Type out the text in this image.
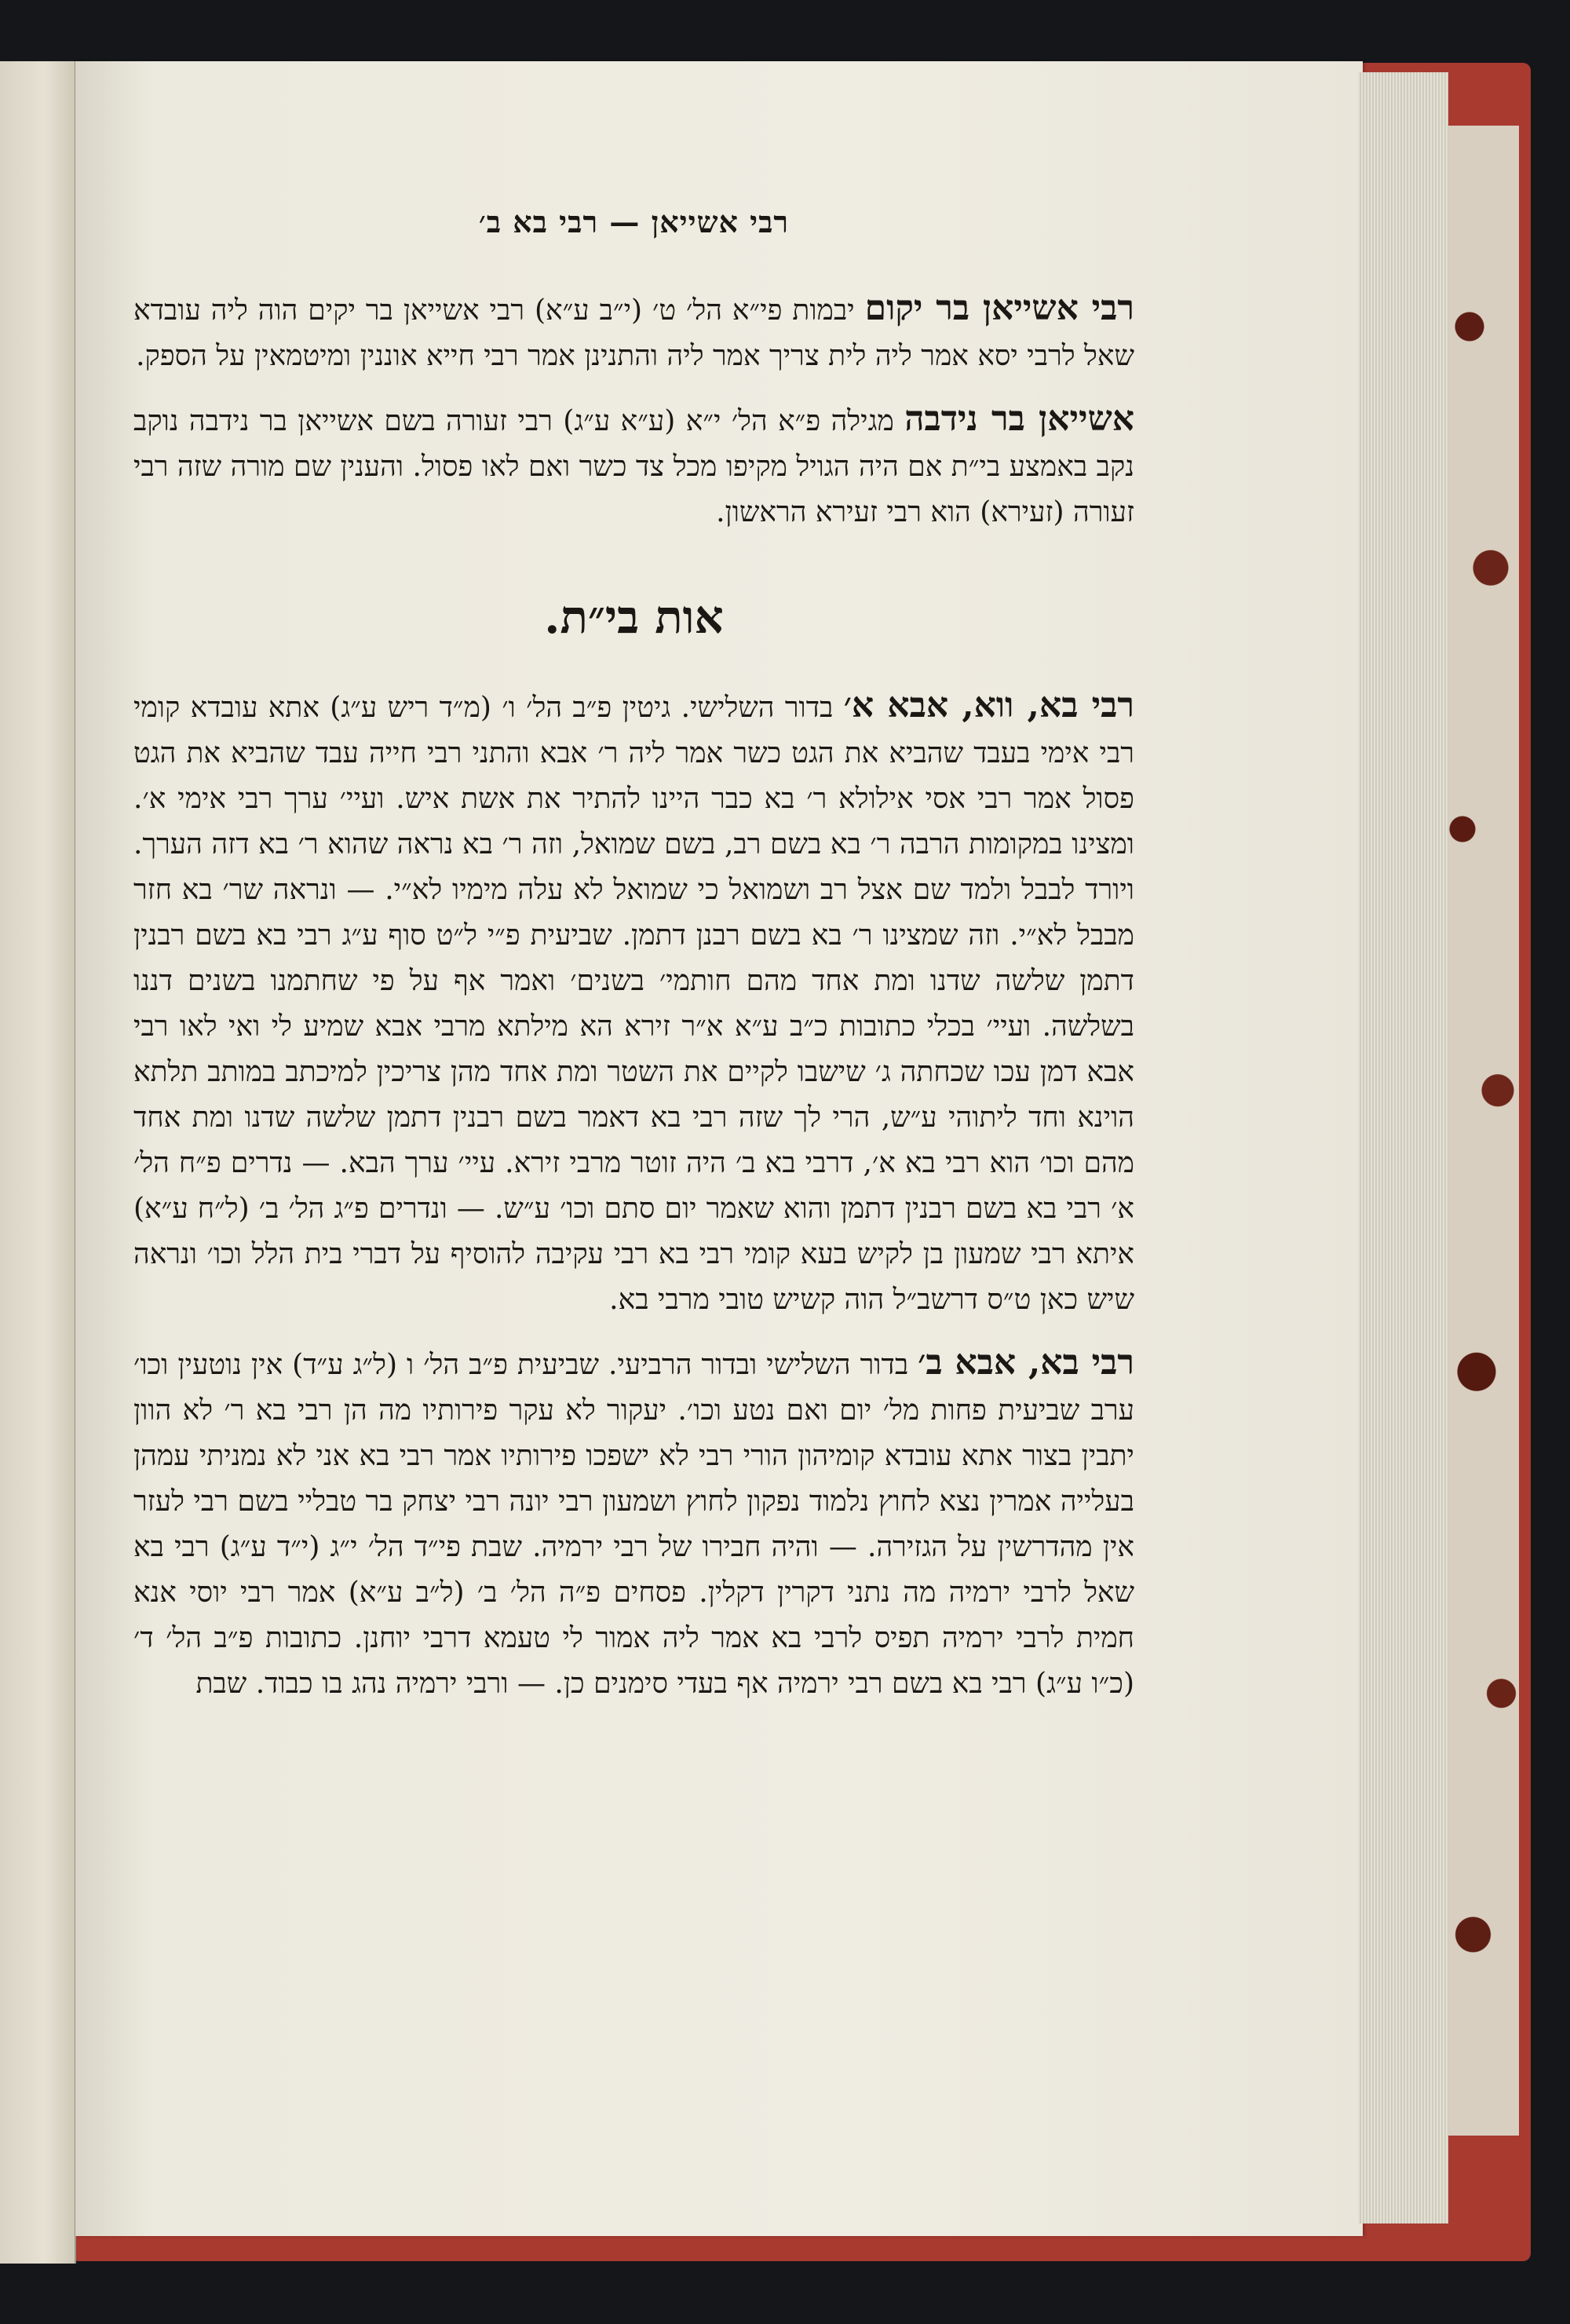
רבי אשייאן — רבי בא ב׳

רבי אשייאן בר יקום יבמות פי״א הל׳ ט׳ (י״ב ע״א) רבי אשייאן בר יקים הוה ליה עובדא שאל לרבי יסא אמר ליה לית צריך אמר ליה והתנינן אמר רבי חייא אוננין ומיטמאין על הספק.

אשייאן בר נידבה מגילה פ״א הל׳ י״א (ע״א ע״ג) רבי זעורה בשם אשייאן בר נידבה נוקב נקב באמצע בי״ת אם היה הגויל מקיפו מכל צד כשר ואם לאו פסול. והענין שם מורה שזה רבי זעורה (זעירא) הוא רבי זעירא הראשון.

אות בי״ת.

רבי בא, ווא, אבא א׳ בדור השלישי. גיטין פ״ב הל׳ ו׳ (מ״ד ריש ע״ג) אתא עובדא קומי רבי אימי בעבד שהביא את הגט כשר אמר ליה ר׳ אבא והתני רבי חייה עבד שהביא את הגט פסול אמר רבי אסי אילולא ר׳ בא כבר היינו להתיר את אשת איש. ועיי׳ ערך רבי אימי א׳. ומצינו במקומות הרבה ר׳ בא בשם רב, בשם שמואל, וזה ר׳ בא נראה שהוא ר׳ בא דזה הערך. ויורד לבבל ולמד שם אצל רב ושמואל כי שמואל לא עלה מימיו לא״י. — ונראה שר׳ בא חזר מבבל לא״י. וזה שמצינו ר׳ בא בשם רבנן דתמן. שביעית פ״י ל״ט סוף ע״ג רבי בא בשם רבנין דתמן שלשה שדנו ומת אחד מהם חותמי׳ בשנים׳ ואמר אף על פי שחתמנו בשנים דננו בשלשה. ועיי׳ בכלי כתובות כ״ב ע״א א״ר זירא הא מילתא מרבי אבא שמיע לי ואי לאו רבי אבא דמן עכו שכחתה ג׳ שישבו לקיים את השטר ומת אחד מהן צריכין למיכתב במותב תלתא הוינא וחד ליתוהי ע״ש, הרי לך שזה רבי בא דאמר בשם רבנין דתמן שלשה שדנו ומת אחד מהם וכו׳ הוא רבי בא א׳, דרבי בא ב׳ היה זוטר מרבי זירא. עיי׳ ערך הבא. — נדרים פ״ח הל׳ א׳ רבי בא בשם רבנין דתמן והוא שאמר יום סתם וכו׳ ע״ש. — ונדרים פ״ג הל׳ ב׳ (ל״ח ע״א) איתא רבי שמעון בן לקיש בעא קומי רבי בא רבי עקיבה להוסיף על דברי בית הלל וכו׳ ונראה שיש כאן ט״ס דרשב״ל הוה קשיש טובי מרבי בא.

רבי בא, אבא ב׳ בדור השלישי ובדור הרביעי. שביעית פ״ב הל׳ ו (ל״ג ע״ד) אין נוטעין וכו׳ ערב שביעית פחות מל׳ יום ואם נטע וכו׳. יעקור לא עקר פירותיו מה הן רבי בא ר׳ לא הוון יתבין בצור אתא עובדא קומיהון הורי רבי לא ישפכו פירותיו אמר רבי בא אני לא נמניתי עמהן בעלייה אמרין נצא לחוץ נלמוד נפקון לחוץ ושמעון רבי יונה רבי יצחק בר טבליי בשם רבי לעזר אין מהדרשין על הגזירה. — והיה חבירו של רבי ירמיה. שבת פי״ד הל׳ י״ג (י״ד ע״ג) רבי בא שאל לרבי ירמיה מה נתני דקרין דקלין. פסחים פ״ה הל׳ ב׳ (ל״ב ע״א) אמר רבי יוסי אנא חמית לרבי ירמיה תפיס לרבי בא אמר ליה אמור לי טעמא דרבי יוחנן. כתובות פ״ב הל׳ ד׳ (כ״ו ע״ג) רבי בא בשם רבי ירמיה אף בעדי סימנים כן. — ורבי ירמיה נהג בו כבוד. שבת
